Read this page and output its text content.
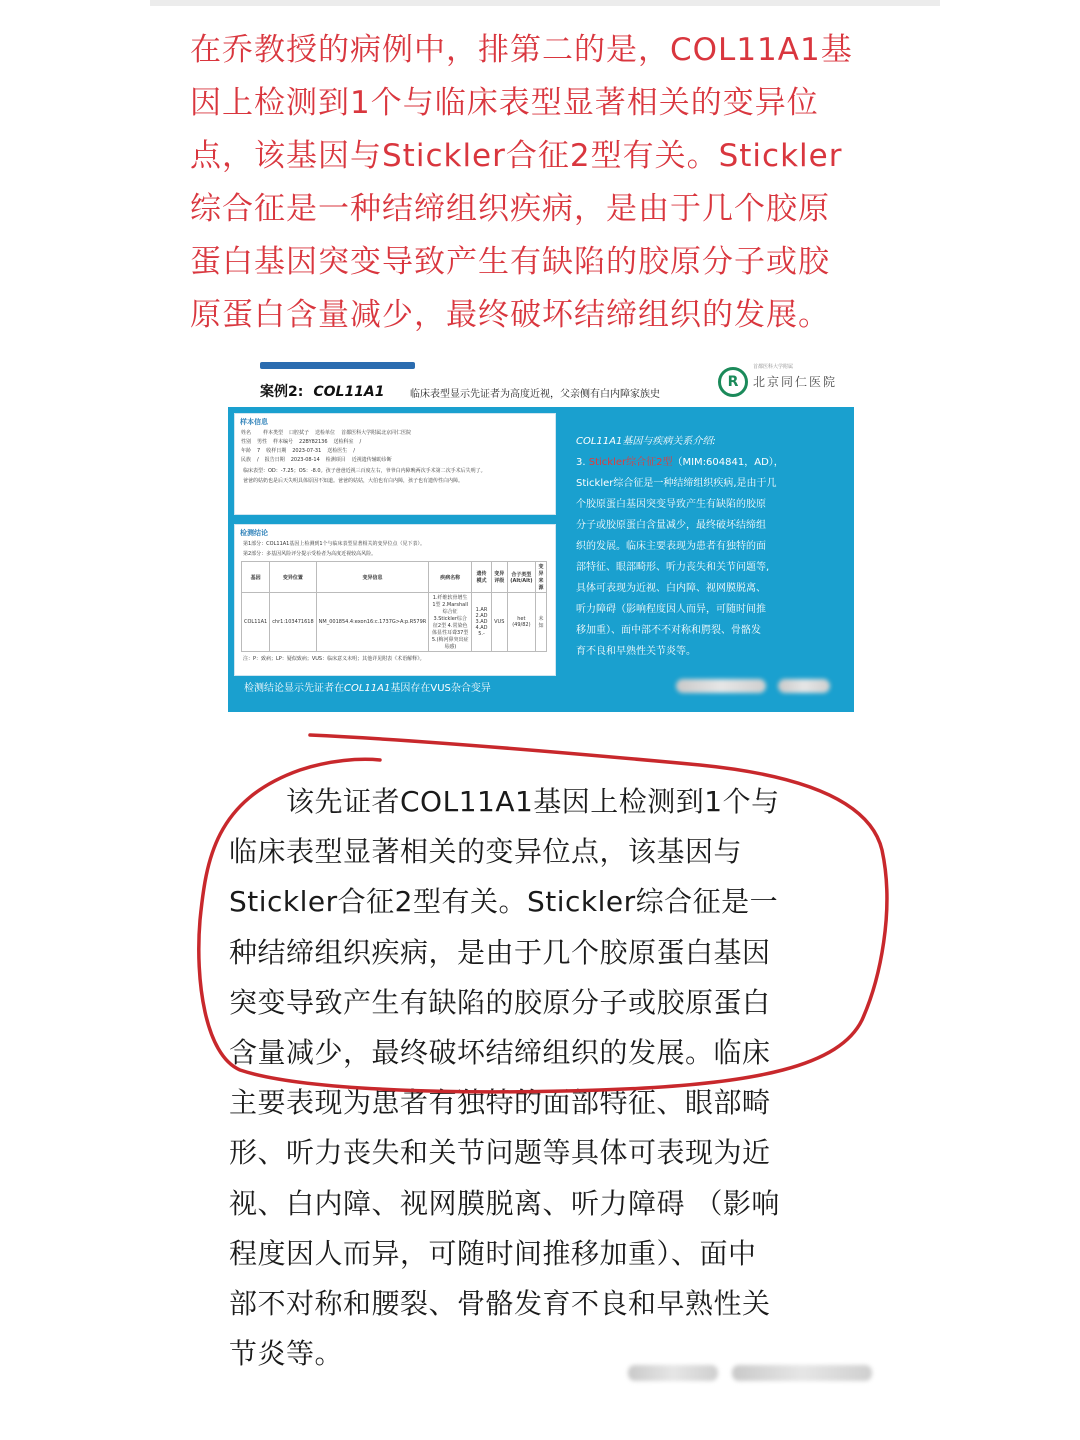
在乔教授的病例中，排第二的是，COL11A1基
因上检测到1个与临床表型显著相关的变异位
点，该基因与Stickler合征2型有关。Stickler
综合征是一种结缔组织疾病，是由于几个胶原
蛋白基因突变导致产生有缺陷的胶原分子或胶
原蛋白含量减少，最终破坏结缔组织的发展。

案例2: COL11A1	临床表型显示先证者为高度近视，父亲侧有白内障家族史
R
首都医科大学附属
北京同仁医院
样本信息
姓名 样本类型 口腔拭子 送检单位 首都医科大学附属北京同仁医院
性别 男性 样本编号 22BY82136 送检科室 /
年龄 7 收样日期 2023-07-31 送检医生 /
民族 / 报告日期 2023-08-14 检测项目 近视遗传辅助诊断
临床表型：OD：-7.25；OS：-8.0。孩子爸爸近视三百度左右，爷爷白内障晚两次手术第二次手术后失明了。
爸爸的姑奶也是后天失明具体原因不知道。爸爸的姑姑，大伯也有白内障，孩子也有遗传性白内障。
检测结论
第1部分：COL11A1基因上检测到1个与临床表型显著相关的变异位点（见下表）。
第2部分：多基因风险评分提示受检者为高度近视较高风险。
基因	变异位置	变异信息	疾病名称	遗传模式	变异评级	合子类型(Alt/Alt)	变异来源
COL11A1	chr1:103471618	NM_001854.4:exon16:c.1737G>A:p.R579R	1.纤维软骨增生1型 2.Marshall综合征 3.Stickler综合征2型 4.常染色体显性耳聋37型 5.(梅河鼻突出症易感)	1.AR 2.AD 3.AD 4.AD 5.-	VUS	het (49/82)	未知
注：P：致病；LP：疑似致病；VUS：临床意义未明；其他详见附表《术语解释》。
检测结论显示先证者在COL11A1基因存在VUS杂合变异
COL11A1基因与疾病关系介绍:
3. Stickler综合征2型（MIM:604841，AD），
Stickler综合征是一种结缔组织疾病,是由于几
个胶原蛋白基因突变导致产生有缺陷的胶原
分子或胶原蛋白含量减少，最终破坏结缔组
织的发展。临床主要表现为患者有独特的面
部特征、眼部畸形、听力丧失和关节问题等,
具体可表现为近视、白内障、视网膜脱离、
听力障碍（影响程度因人而异，可随时间推
移加重）、面中部不不对称和腭裂、骨骼发
育不良和早熟性关节炎等。

　　该先证者COL11A1基因上检测到1个与
临床表型显著相关的变异位点，该基因与
Stickler合征2型有关。Stickler综合征是一
种结缔组织疾病，是由于几个胶原蛋白基因
突变导致产生有缺陷的胶原分子或胶原蛋白
含量减少，最终破坏结缔组织的发展。临床
主要表现为患者有独特的面部特征、眼部畸
形、听力丧失和关节问题等具体可表现为近
视、白内障、视网膜脱离、听力障碍 （影响
程度因人而异，可随时间推移加重）、面中
部不对称和腰裂、骨骼发育不良和早熟性关
节炎等。
